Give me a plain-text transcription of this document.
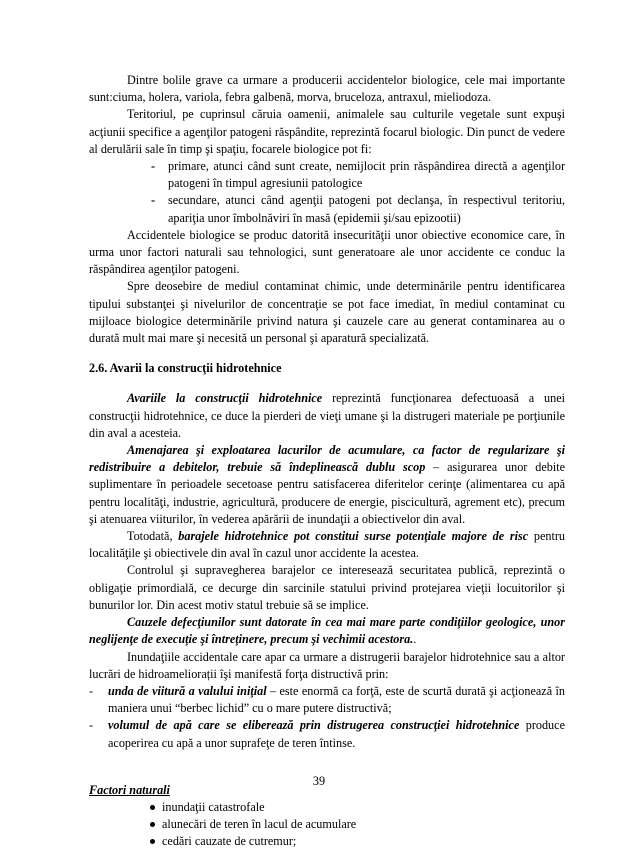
Dintre bolile grave ca urmare a producerii accidentelor biologice, cele mai importante sunt:ciuma, holera, variola, febra galbenă, morva, bruceloza, antraxul, mieliodoza.

Teritoriul, pe cuprinsul căruia oamenii, animalele sau culturile vegetale sunt expuşi acţiunii specifice a agenţilor patogeni răspândite, reprezintă focarul biologic. Din punct de vedere al derulării sale în timp şi spaţiu, focarele biologice pot fi:

- primare, atunci când sunt create, nemijlocit prin răspândirea directă a agenţilor patogeni în timpul agresiunii patologice
- secundare, atunci când agenţii patogeni pot declanşa, în respectivul teritoriu, apariţia unor îmbolnăviri în masă (epidemii şi/sau epizootii)

Accidentele biologice se produc datorită insecurităţii unor obiective economice care, în urma unor factori naturali sau tehnologici, sunt generatoare ale unor accidente ce conduc la răspândirea agenţilor patogeni.

Spre deosebire de mediul contaminat chimic, unde determinările pentru identificarea tipului substanţei şi nivelurilor de concentraţie se pot face imediat, în mediul contaminat cu mijloace biologice determinările privind natura şi cauzele care au generat contaminarea au o durată mult mai mare şi necesită un personal şi aparatură specializată.

2.6. Avarii la construcţii hidrotehnice

Avariile la construcţii hidrotehnice reprezintă funcţionarea defectuoasă a unei construcţii hidrotehnice, ce duce la pierderi de vieţi umane şi la distrugeri materiale pe porţiunile din aval a acesteia.

Amenajarea şi exploatarea lacurilor de acumulare, ca factor de regularizare şi redistribuire a debitelor, trebuie să îndeplinească dublu scop – asigurarea unor debite suplimentare în perioadele secetoase pentru satisfacerea diferitelor cerinţe (alimentarea cu apă pentru localităţi, industrie, agricultură, producere de energie, piscicultură, agrement etc), precum şi atenuarea viiturilor, în vederea apărării de inundaţii a obiectivelor din aval.

Totodată, barajele hidrotehnice pot constitui surse potenţiale majore de risc pentru localităţile şi obiectivele din aval în cazul unor accidente la acestea.

Controlul şi supravegherea barajelor ce interesează securitatea publică, reprezintă o obligaţie primordială, ce decurge din sarcinile statului privind protejarea vieţii locuitorilor şi bunurilor lor. Din acest motiv statul trebuie să se implice.

Cauzele defecţiunilor sunt datorate în cea mai mare parte condiţiilor geologice, unor neglijenţe de execuţie şi întreţinere, precum şi vechimii acestora..

Inundaţiile accidentale care apar ca urmare a distrugerii barajelor hidrotehnice sau a altor lucrări de hidroameliorații îşi manifestă forţa distructivă prin:

- unda de viitură a valului iniţial – este enormă ca forţă, este de scurtă durată şi acţionează în maniera unui “berbec lichid” cu o mare putere distructivă;
- volumul de apă care se eliberează prin distrugerea construcţiei hidrotehnice produce acoperirea cu apă a unor suprafeţe de teren întinse.

Factori naturali

inundaţii catastrofale
alunecări de teren în lacul de acumulare
cedări cauzate de cutremur;
39
